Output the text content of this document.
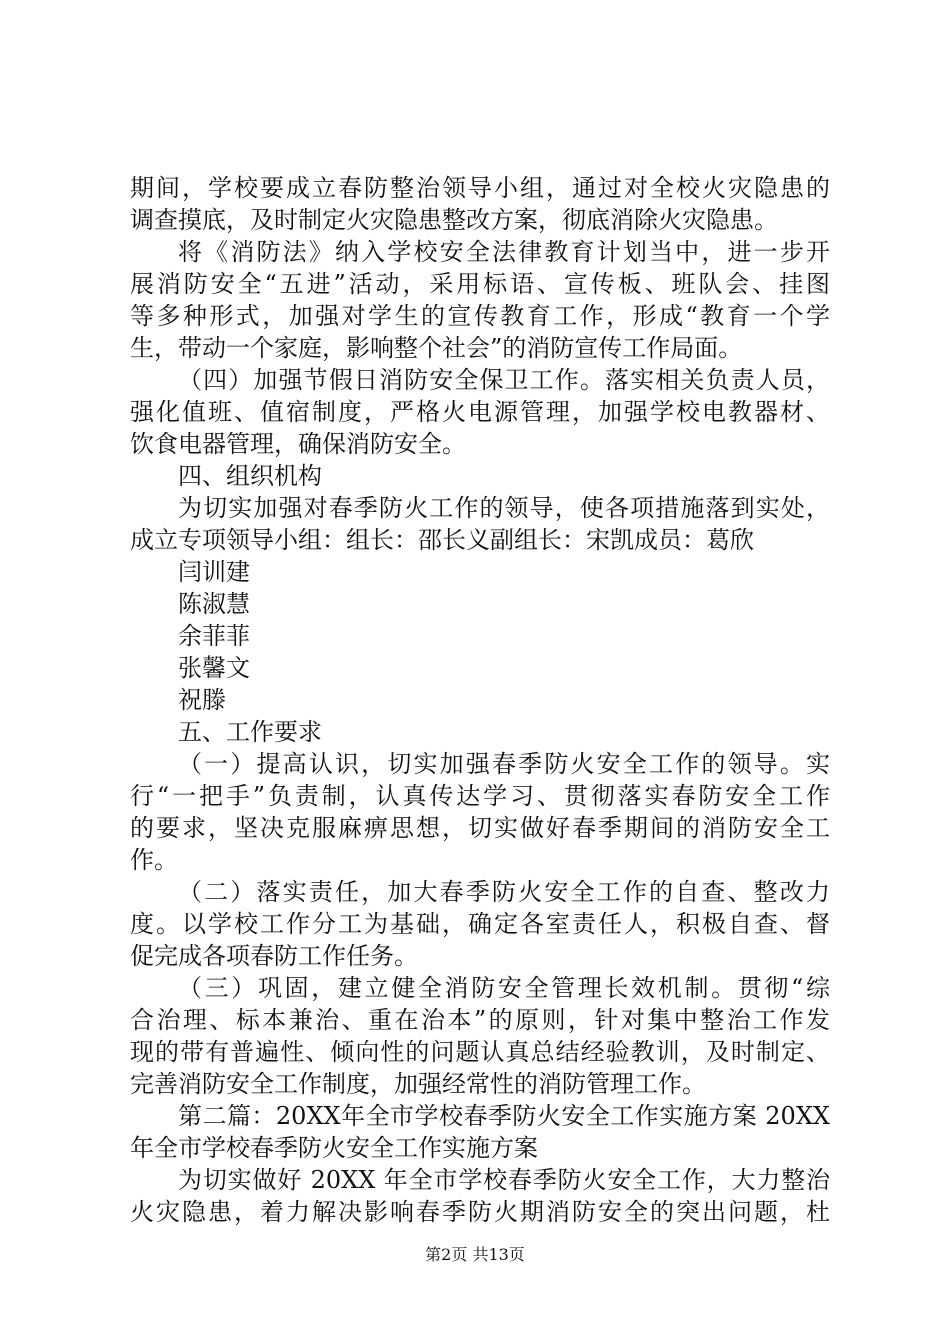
期间，学校要成立春防整治领导小组，通过对全校火灾隐患的
调查摸底，及时制定火灾隐患整改方案，彻底消除火灾隐患。
将《消防法》纳入学校安全法律教育计划当中，进一步开
展消防安全“五进”活动，采用标语、宣传板、班队会、挂图
等多种形式，加强对学生的宣传教育工作，形成“教育一个学
生，带动一个家庭，影响整个社会”的消防宣传工作局面。
（四）加强节假日消防安全保卫工作。落实相关负责人员，
强化值班、值宿制度，严格火电源管理，加强学校电教器材、
饮食电器管理，确保消防安全。
四、组织机构
为切实加强对春季防火工作的领导，使各项措施落到实处，
成立专项领导小组：组长：邵长义副组长：宋凯成员：葛欣
闫训建
陈淑慧
余菲菲
张馨文
祝滕
五、工作要求
（一）提高认识，切实加强春季防火安全工作的领导。实
行“一把手”负责制，认真传达学习、贯彻落实春防安全工作
的要求，坚决克服麻痹思想，切实做好春季期间的消防安全工
作。
（二）落实责任，加大春季防火安全工作的自查、整改力
度。以学校工作分工为基础，确定各室责任人，积极自查、督
促完成各项春防工作任务。
（三）巩固，建立健全消防安全管理长效机制。贯彻“综
合治理、标本兼治、重在治本”的原则，针对集中整治工作发
现的带有普遍性、倾向性的问题认真总结经验教训，及时制定、
完善消防安全工作制度，加强经常性的消防管理工作。
第二篇：20XX年全市学校春季防火安全工作实施方案 20XX
年全市学校春季防火安全工作实施方案
为切实做好 20XX 年全市学校春季防火安全工作，大力整治
火灾隐患，着力解决影响春季防火期消防安全的突出问题，杜
第2页 共13页
